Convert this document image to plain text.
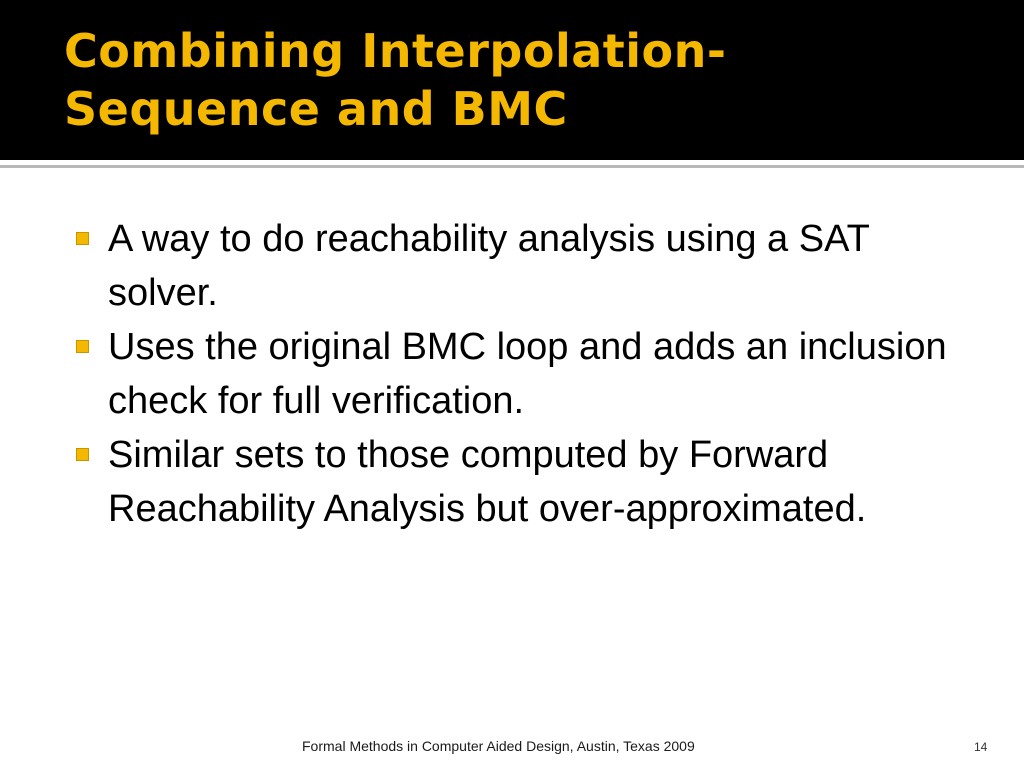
Combining Interpolation-
Sequence and BMC
A way to do reachability analysis using a SAT solver.
Uses the original BMC loop and adds an inclusion check for full verification.
Similar sets to those computed by Forward Reachability Analysis but over-approximated.
Formal Methods in Computer Aided Design, Austin, Texas 2009	14
